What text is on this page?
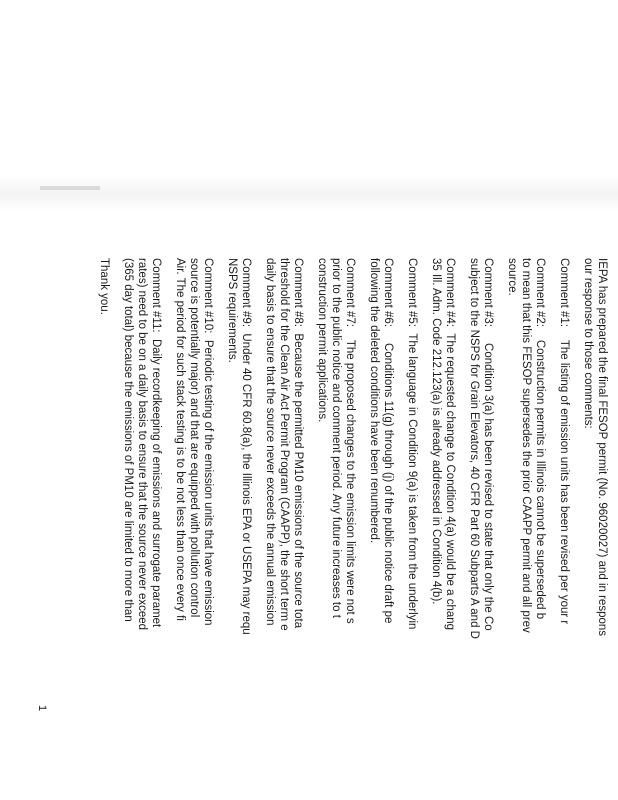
IEPA has prepared the final FESOP permit (No. 96020027) and in respons

our response to those comments:

Comment #1:    The listing of emission units has been revised per your r

Comment #2:    Construction permits in Illinois cannot be superseded b

to mean that this FESOP supersedes the prior CAAPP permit and all prev

source.

Comment #3:     Condition 3(a) has been revised to state that only the Co

subject to the NSPS for Grain Elevators, 40 CFR Part 60 Subparts A and D

Comment #4:  The requested change to Condition 4(a) would be a chang

35 Ill. Adm. Code 212.123(a) is already addressed in Condition 4(b).

Comment #5:  The language in Condition 9(a) is taken from the underlyin

Comment #6:     Conditions 11(g) through (j) of the public notice draft pe

following the deleted conditions have been renumbered.

Comment #7:    The proposed changes to the emission limits were not s

prior to the public notice and comment period. Any future increases to t

construction permit applications.

Comment #8:  Because the permitted PM10 emissions of the source tota

threshold for the Clean Air Act Permit Program (CAAPP), the short term e

daily basis to ensure that the source never exceeds the annual emission

Comment #9:  Under 40 CFR 60.8(a), the Illinois EPA or USEPA may requ

NSPS requirements.

Comment #10:  Periodic testing of the emission units that have emission

source is potentially major) and that are equipped with pollution control

Air. The period for such stack testing is to be not less than once every fi

Comment #11:  Daily recordkeeping of emissions and surrogate paramet

rates) need to be on a daily basis to ensure that the source never exceed

(365 day total) because the emissions of PM10 are limited to more than

Thank you.

1
